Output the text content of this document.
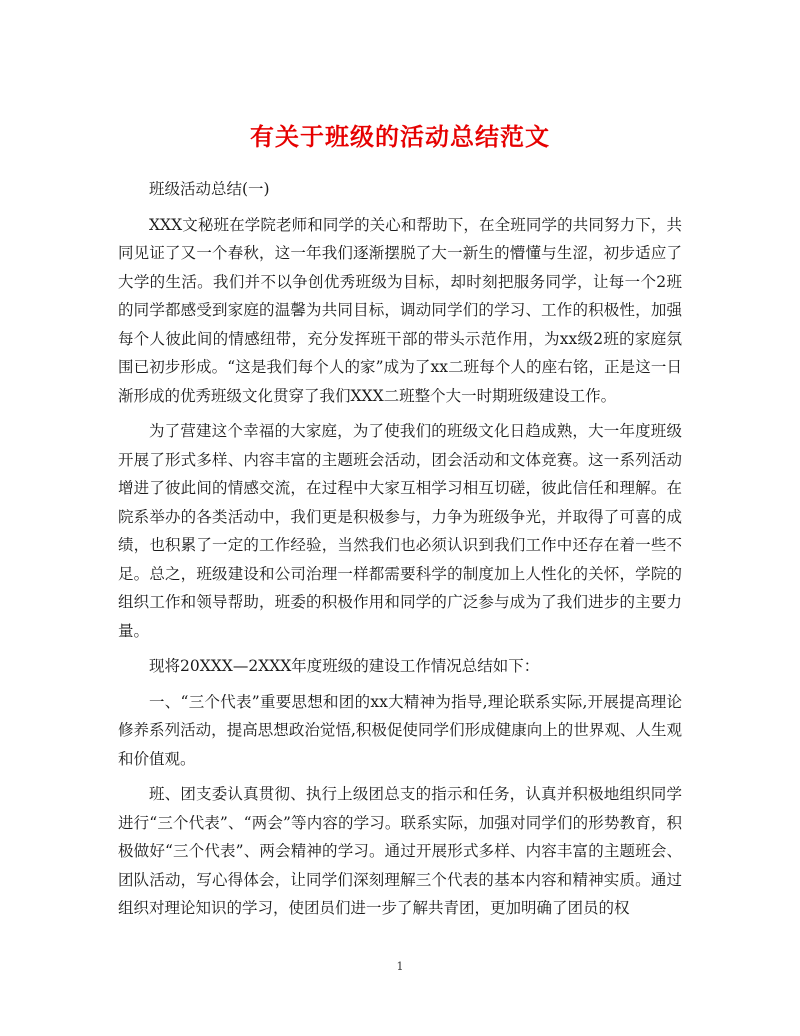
有关于班级的活动总结范文

班级活动总结(一)

XXX文秘班在学院老师和同学的关心和帮助下，在全班同学的共同努力下，共同见证了又一个春秋，这一年我们逐渐摆脱了大一新生的懵懂与生涩，初步适应了大学的生活。我们并不以争创优秀班级为目标，却时刻把服务同学，让每一个2班的同学都感受到家庭的温馨为共同目标，调动同学们的学习、工作的积极性，加强每个人彼此间的情感纽带，充分发挥班干部的带头示范作用，为xx级2班的家庭氛围已初步形成。“这是我们每个人的家”成为了xx二班每个人的座右铭，正是这一日渐形成的优秀班级文化贯穿了我们XXX二班整个大一时期班级建设工作。

为了营建这个幸福的大家庭，为了使我们的班级文化日趋成熟，大一年度班级开展了形式多样、内容丰富的主题班会活动，团会活动和文体竞赛。这一系列活动增进了彼此间的情感交流，在过程中大家互相学习相互切磋，彼此信任和理解。在院系举办的各类活动中，我们更是积极参与，力争为班级争光，并取得了可喜的成绩，也积累了一定的工作经验，当然我们也必须认识到我们工作中还存在着一些不足。总之，班级建设和公司治理一样都需要科学的制度加上人性化的关怀，学院的组织工作和领导帮助，班委的积极作用和同学的广泛参与成为了我们进步的主要力量。

现将20XXX—2XXX年度班级的建设工作情况总结如下：

一、“三个代表”重要思想和团的xx大精神为指导,理论联系实际,开展提高理论修养系列活动，提高思想政治觉悟,积极促使同学们形成健康向上的世界观、人生观和价值观。

班、团支委认真贯彻、执行上级团总支的指示和任务，认真并积极地组织同学进行“三个代表”、“两会”等内容的学习。联系实际，加强对同学们的形势教育，积极做好“三个代表”、两会精神的学习。通过开展形式多样、内容丰富的主题班会、团队活动，写心得体会，让同学们深刻理解三个代表的基本内容和精神实质。通过组织对理论知识的学习，使团员们进一步了解共青团，更加明确了团员的权

1
